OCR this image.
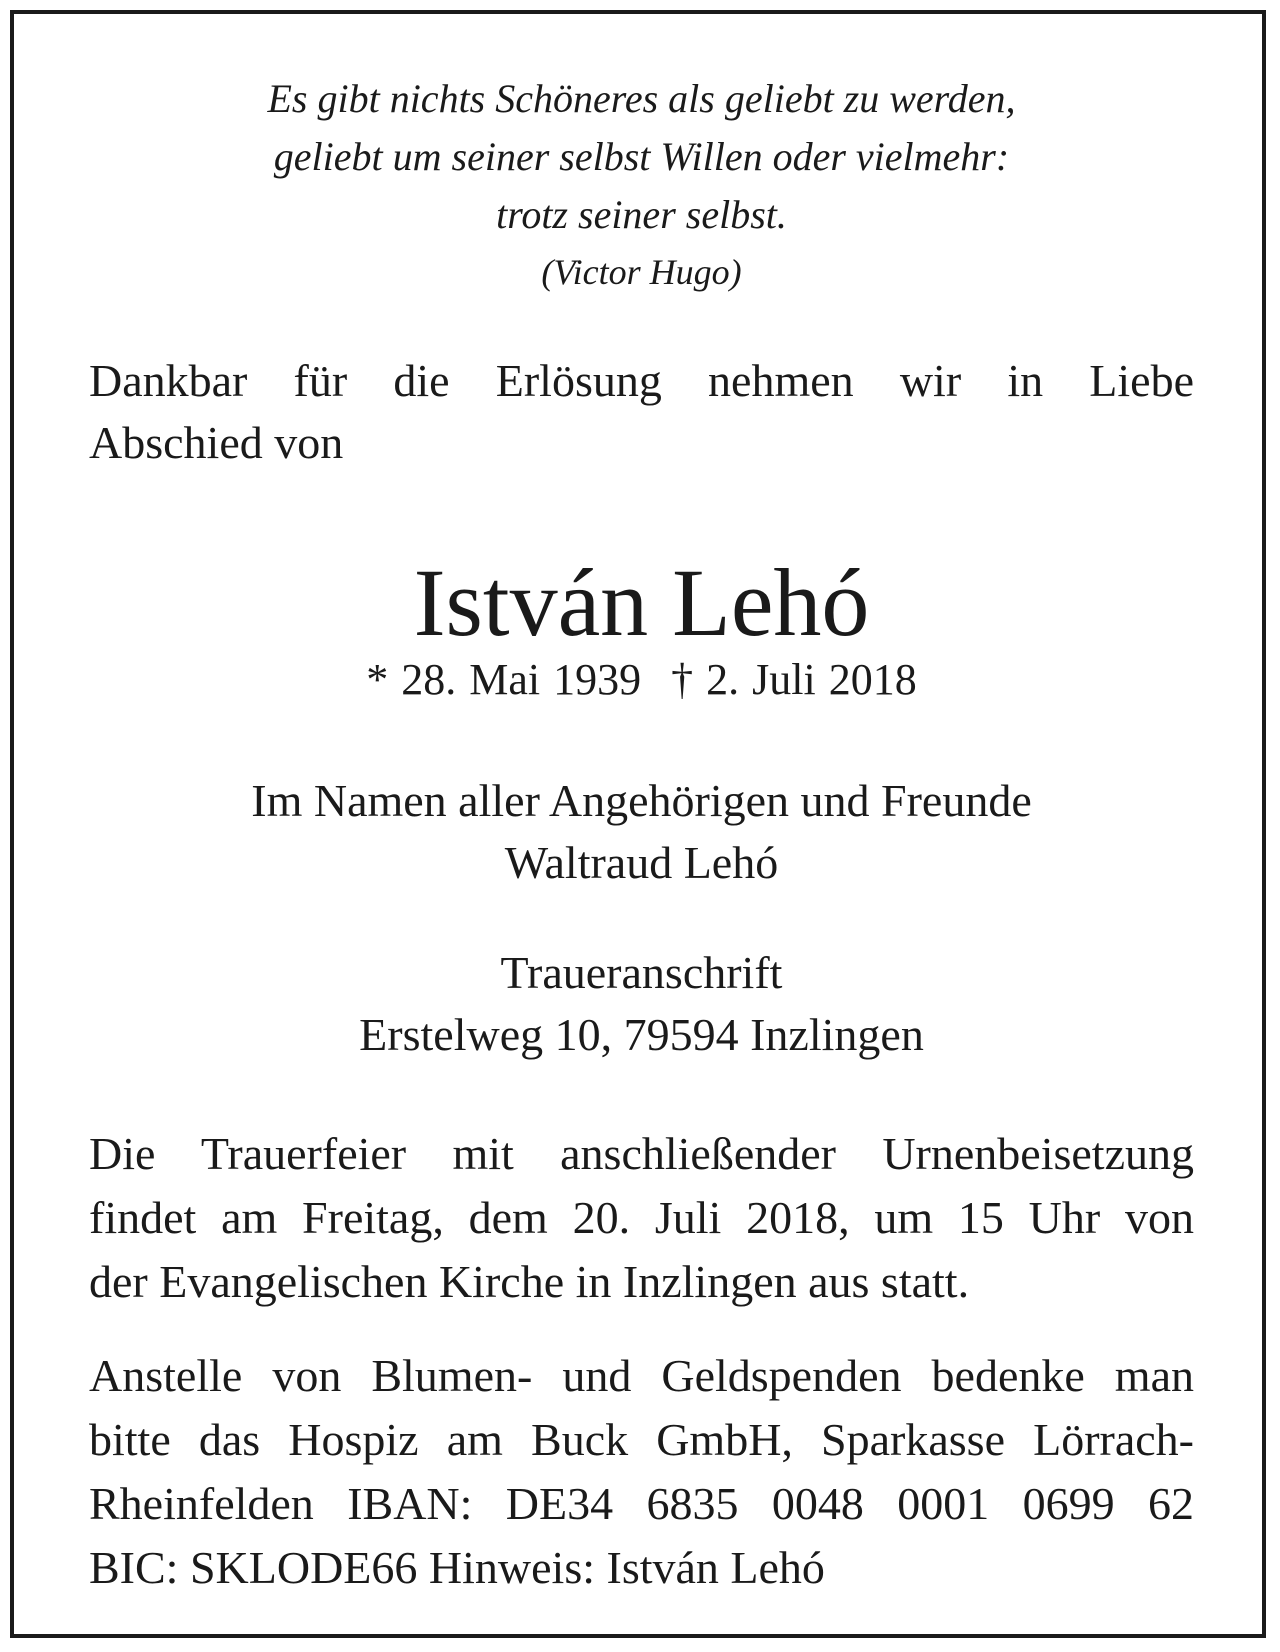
Es gibt nichts Schöneres als geliebt zu werden,
geliebt um seiner selbst Willen oder vielmehr:
trotz seiner selbst.
(Victor Hugo)
Dankbar für die Erlösung nehmen wir in Liebe
Abschied von
István Lehó
* 28. Mai 1939 † 2. Juli 2018
Im Namen aller Angehörigen und Freunde
Waltraud Lehó
Traueranschrift
Erstelweg 10, 79594 Inzlingen
Die Trauerfeier mit anschließender Urnenbeisetzung
findet am Freitag, dem 20. Juli 2018, um 15 Uhr von
der Evangelischen Kirche in Inzlingen aus statt.
Anstelle von Blumen- und Geldspenden bedenke man
bitte das Hospiz am Buck GmbH, Sparkasse Lörrach-
Rheinfelden IBAN: DE34 6835 0048 0001 0699 62
BIC: SKLODE66 Hinweis: István Lehó
